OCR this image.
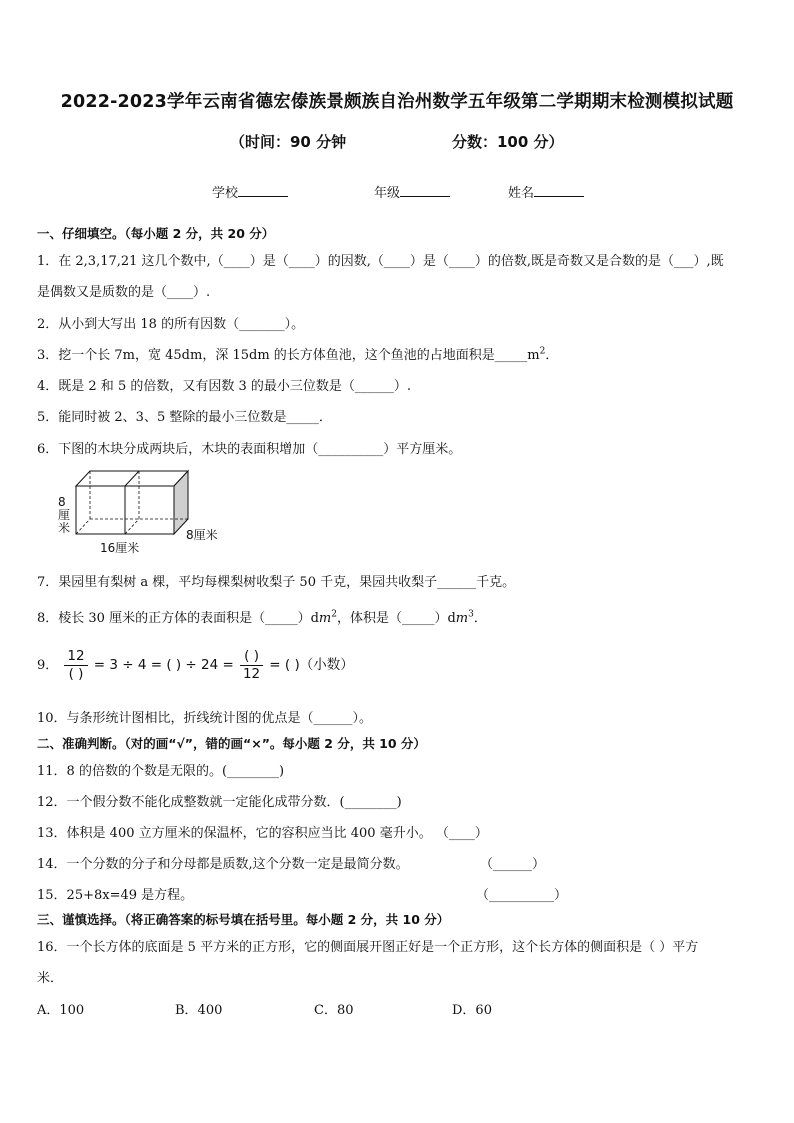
2022-2023学年云南省德宏傣族景颇族自治州数学五年级第二学期期末检测模拟试题
（时间：90 分钟	分数：100 分）
学校	年级	姓名
一、仔细填空。（每小题 2 分，共 20 分）
1．在 2,3,17,21 这几个数中,（____）是（____）的因数,（____）是（____）的倍数,既是奇数又是合数的是（___）,既
是偶数又是质数的是（____）.
2．从小到大写出 18 的所有因数（_______）。
3．挖一个长 7m，宽 45dm，深 15dm 的长方体鱼池，这个鱼池的占地面积是$\_\_\_\_\_m^2$．
4．既是 2 和 5 的倍数，又有因数 3 的最小三位数是（______）.
5．能同时被 2、3、5 整除的最小三位数是_____．
6．下图的木块分成两块后，木块的表面积增加（__________）平方厘米。
8
厘
米	8厘米
16厘米
7．果园里有梨树 a 棵，平均每棵梨树收梨子 50 千克，果园共收梨子______千克。
8．棱长 30 厘米的正方体的表面积是$(\_\_\_\_\_)dm^2$，体积是$(\_\_\_\_\_)dm^3$．
9． $\frac{12}{( )} = 3 \div 4$ = ( ) ÷ $24 = \frac{( )}{12}$ = ( )（小数）
10．与条形统计图相比，折线统计图的优点是（______）。
二、准确判断。（对的画“√”，错的画“×”。每小题 2 分，共 10 分）
11．8 的倍数的个数是无限的。(________)
12．一个假分数不能化成整数就一定能化成带分数．(________)
13．体积是 400 立方厘米的保温杯，它的容积应当比 400 毫升小。 （____）
14．一个分数的分子和分母都是质数,这个分数一定是最简分数。	（______）
15．25+8x=49 是方程。	（__________）
三、谨慎选择。（将正确答案的标号填在括号里。每小题 2 分，共 10 分）
16．一个长方体的底面是 5 平方米的正方形，它的侧面展开图正好是一个正方形，这个长方体的侧面积是（ ）平方
米．
A．100	B．400	C．80	D．60
